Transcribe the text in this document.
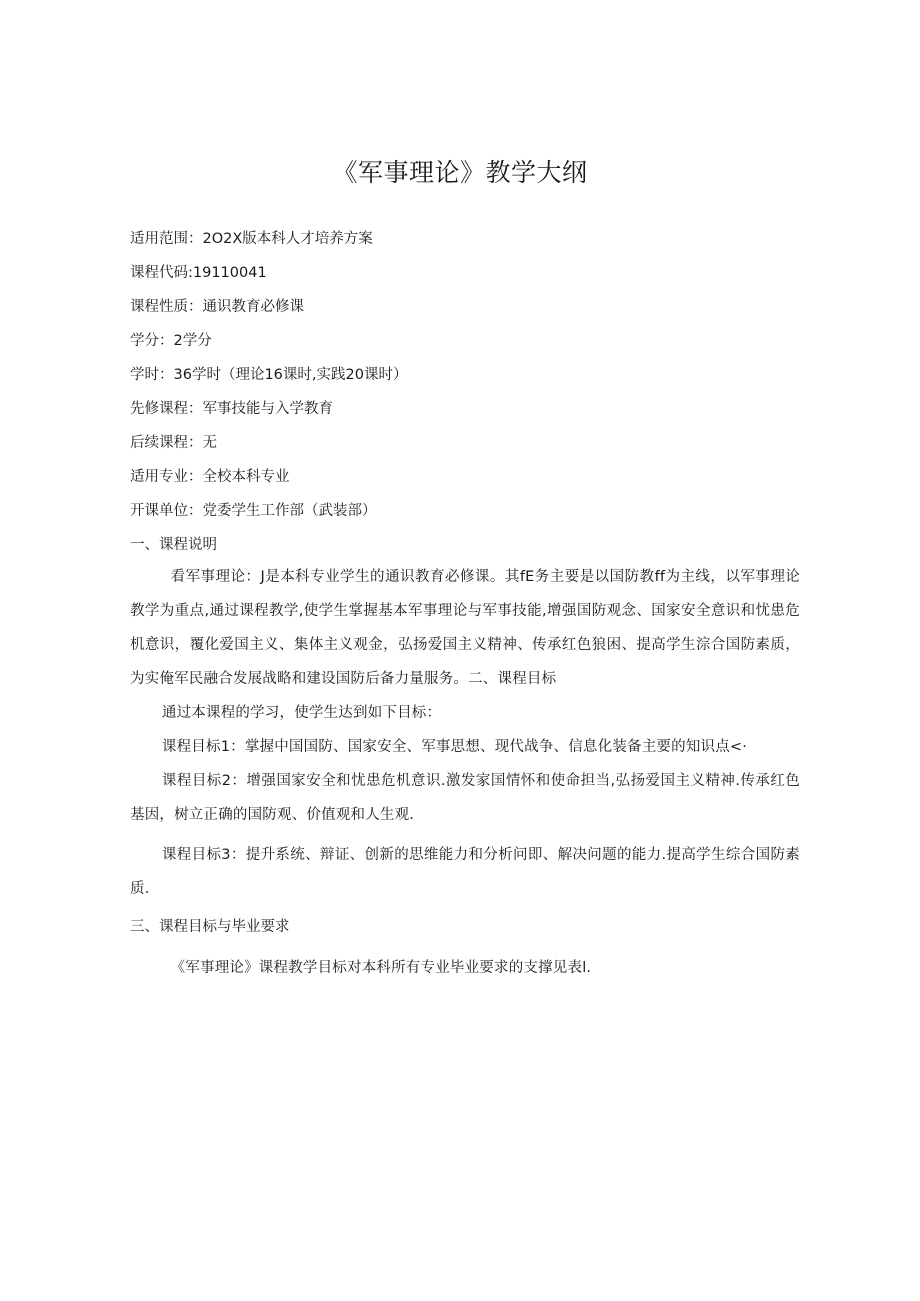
《军事理论》教学大纲
适用范围：2O2X版本科人才培养方案
课程代码:19110041
课程性质：通识教育必修课
学分：2学分
学时：36学时（理论16课时,实践20课时）
先修课程：军事技能与入学教育
后续课程：无
适用专业：全校本科专业
开课单位：党委学生工作部（武装部）
一、课程说明
看军事理论：J是本科专业学生的通识教育必修课。其fE务主要是以国防教ff为主线，以军事理论教学为重点,通过课程教学,使学生掌握基本军事理论与军事技能,增强国防观念、国家安全意识和忧患危机意识，覆化爱国主义、集体主义观金，弘扬爱国主义精神、传承红色狼困、提高学生淙合国防素质，为实俺军民融合发展战略和建设国防后备力量服务。二、课程目标
通过本课程的学习，使学生达到如下目标：
课程目标1：掌握中国国防、国家安全、军事思想、现代战争、信息化装备主要的知识点<·
课程目标2：增强国家安全和忧患危机意识.激发家国情怀和使命担当,弘扬爱国主义精神.传承红色基因，树立正确的国防观、价值观和人生观.
课程目标3：提升系统、辩证、创新的思维能力和分析问即、解决问题的能力.提高学生综合国防素质.
三、课程目标与毕业要求
《军事理论》课程教学目标对本科所有专业毕业要求的支撑见表l.
